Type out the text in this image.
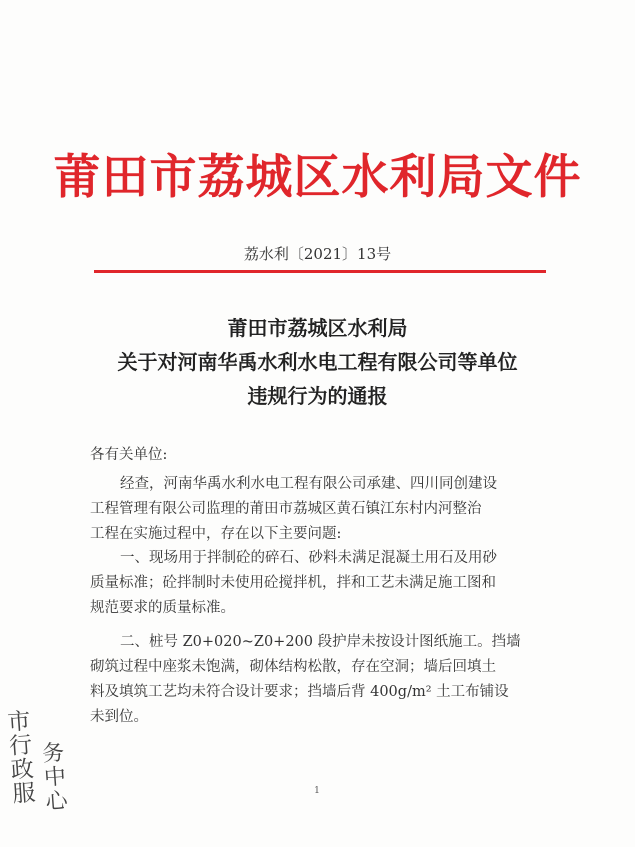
莆田市荔城区水利局文件
荔水利〔2021〕13号
莆田市荔城区水利局
关于对河南华禹水利水电工程有限公司等单位
违规行为的通报
各有关单位:
经查，河南华禹水利水电工程有限公司承建、四川同创建设
工程管理有限公司监理的莆田市荔城区黄石镇江东村内河整治
工程在实施过程中，存在以下主要问题:
一、现场用于拌制砼的碎石、砂料未满足混凝土用石及用砂
质量标准；砼拌制时未使用砼搅拌机，拌和工艺未满足施工图和
规范要求的质量标准。
二、桩号 Z0+020~Z0+200 段护岸未按设计图纸施工。挡墙
砌筑过程中座浆未饱满，砌体结构松散，存在空洞；墙后回填土
料及填筑工艺均未符合设计要求；挡墙后背 400g/m² 土工布铺设
未到位。
1
市
行
政
服
务
中
心
